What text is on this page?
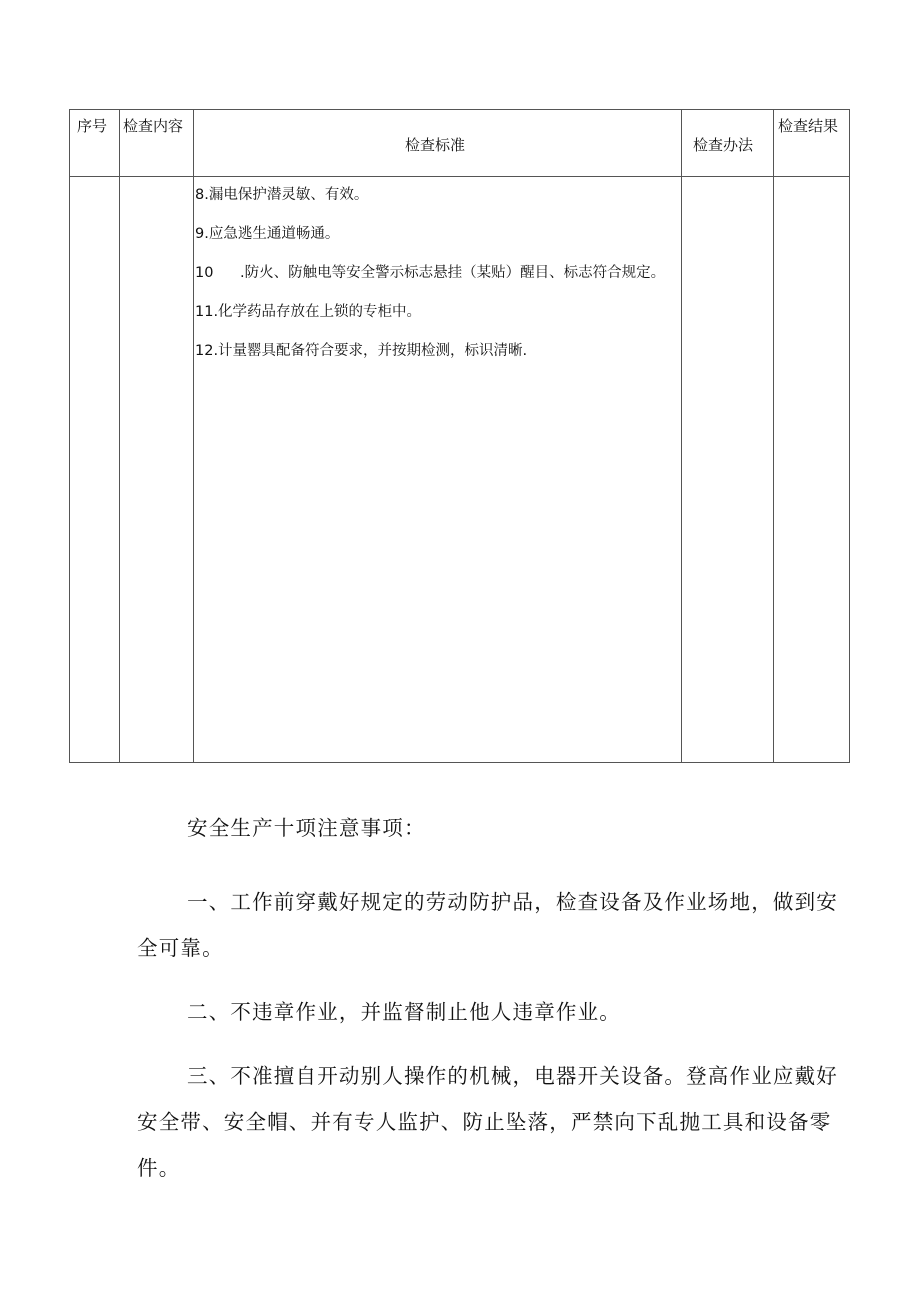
序号 检查内容
检查标准	检查办法
检查结果
8.漏电保护潜灵敏、有效。
9.应急逃生通道畅通。
10 .防火、防触电等安全警示标志悬挂（某贴）醒目、标志符合规定。
11.化学药品存放在上锁的专柜中。
12.计量罂具配备符合要求，并按期检测，标识清晰.

安全生产十项注意事项：

一、工作前穿戴好规定的劳动防护品，检查设备及作业场地，做到安全可靠。

二、不违章作业，并监督制止他人违章作业。

三、不准擅自开动别人操作的机械，电器开关设备。登高作业应戴好安全带、安全帽、并有专人监护、防止坠落，严禁向下乱抛工具和设备零件。
